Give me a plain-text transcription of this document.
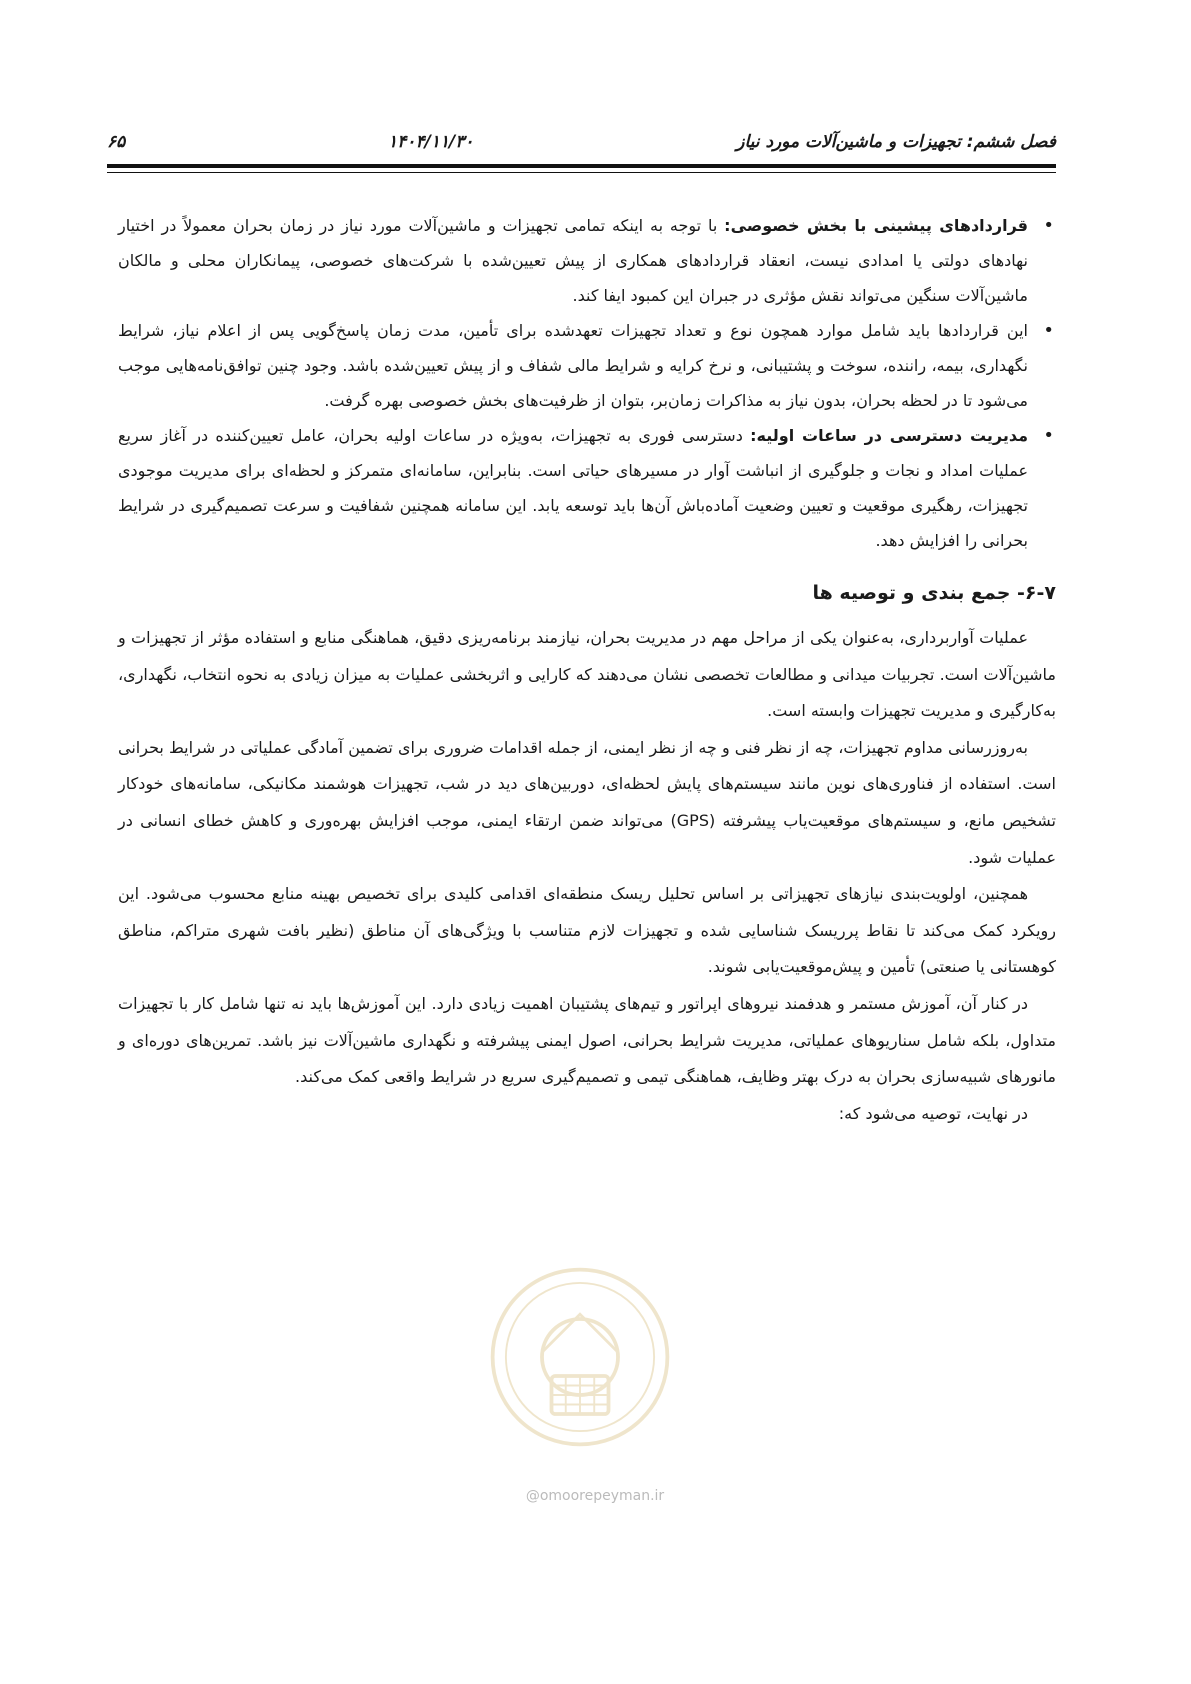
فصل ششم: تجهیزات و ماشین‌آلات مورد نیاز
۱۴۰۴/۱۱/۳۰
۶۵
• قراردادهای پیشینی با بخش خصوصی: با توجه به اینکه تمامی تجهیزات و ماشین‌آلات مورد نیاز در زمان بحران معمولاً در اختیار نهادهای دولتی یا امدادی نیست، انعقاد قراردادهای همکاری از پیش تعیین‌شده با شرکت‌های خصوصی، پیمانکاران محلی و مالکان ماشین‌آلات سنگین می‌تواند نقش مؤثری در جبران این کمبود ایفا کند.
• این قراردادها باید شامل موارد همچون نوع و تعداد تجهیزات تعهدشده برای تأمین، مدت زمان پاسخ‌گویی پس از اعلام نیاز، شرایط نگهداری، بیمه، راننده، سوخت و پشتیبانی، و نرخ کرایه و شرایط مالی شفاف و از پیش تعیین‌شده باشد. وجود چنین توافق‌نامه‌هایی موجب می‌شود تا در لحظه بحران، بدون نیاز به مذاکرات زمان‌بر، بتوان از ظرفیت‌های بخش خصوصی بهره گرفت.
• مدیریت دسترسی در ساعات اولیه: دسترسی فوری به تجهیزات، به‌ویژه در ساعات اولیه بحران، عامل تعیین‌کننده در آغاز سریع عملیات امداد و نجات و جلوگیری از انباشت آوار در مسیرهای حیاتی است. بنابراین، سامانه‌ای متمرکز و لحظه‌ای برای مدیریت موجودی تجهیزات، رهگیری موقعیت و تعیین وضعیت آماده‌باش آن‌ها باید توسعه یابد. این سامانه همچنین شفافیت و سرعت تصمیم‌گیری در شرایط بحرانی را افزایش دهد.
۶-۷- جمع بندی و توصیه ها

عملیات آواربرداری، به‌عنوان یکی از مراحل مهم در مدیریت بحران، نیازمند برنامه‌ریزی دقیق، هماهنگی منابع و استفاده مؤثر از تجهیزات و ماشین‌آلات است. تجربیات میدانی و مطالعات تخصصی نشان می‌دهند که کارایی و اثربخشی عملیات به میزان زیادی به نحوه انتخاب، نگهداری، به‌کارگیری و مدیریت تجهیزات وابسته است.

به‌روزرسانی مداوم تجهیزات، چه از نظر فنی و چه از نظر ایمنی، از جمله اقدامات ضروری برای تضمین آمادگی عملیاتی در شرایط بحرانی است. استفاده از فناوری‌های نوین مانند سیستم‌های پایش لحظه‌ای، دوربین‌های دید در شب، تجهیزات هوشمند مکانیکی، سامانه‌های خودکار تشخیص مانع، و سیستم‌های موقعیت‌یاب پیشرفته (GPS) می‌تواند ضمن ارتقاء ایمنی، موجب افزایش بهره‌وری و کاهش خطای انسانی در عملیات شود.

همچنین، اولویت‌بندی نیازهای تجهیزاتی بر اساس تحلیل ریسک منطقه‌ای اقدامی کلیدی برای تخصیص بهینه منابع محسوب می‌شود. این رویکرد کمک می‌کند تا نقاط پرریسک شناسایی شده و تجهیزات لازم متناسب با ویژگی‌های آن مناطق (نظیر بافت شهری متراکم، مناطق کوهستانی یا صنعتی) تأمین و پیش‌موقعیت‌یابی شوند.

در کنار آن، آموزش مستمر و هدفمند نیروهای اپراتور و تیم‌های پشتیبان اهمیت زیادی دارد. این آموزش‌ها باید نه تنها شامل کار با تجهیزات متداول، بلکه شامل سناریوهای عملیاتی، مدیریت شرایط بحرانی، اصول ایمنی پیشرفته و نگهداری ماشین‌آلات نیز باشد. تمرین‌های دوره‌ای و مانورهای شبیه‌سازی بحران به درک بهتر وظایف، هماهنگی تیمی و تصمیم‌گیری سریع در شرایط واقعی کمک می‌کند.

در نهایت، توصیه می‌شود که:

@omoorepeyman.ir
